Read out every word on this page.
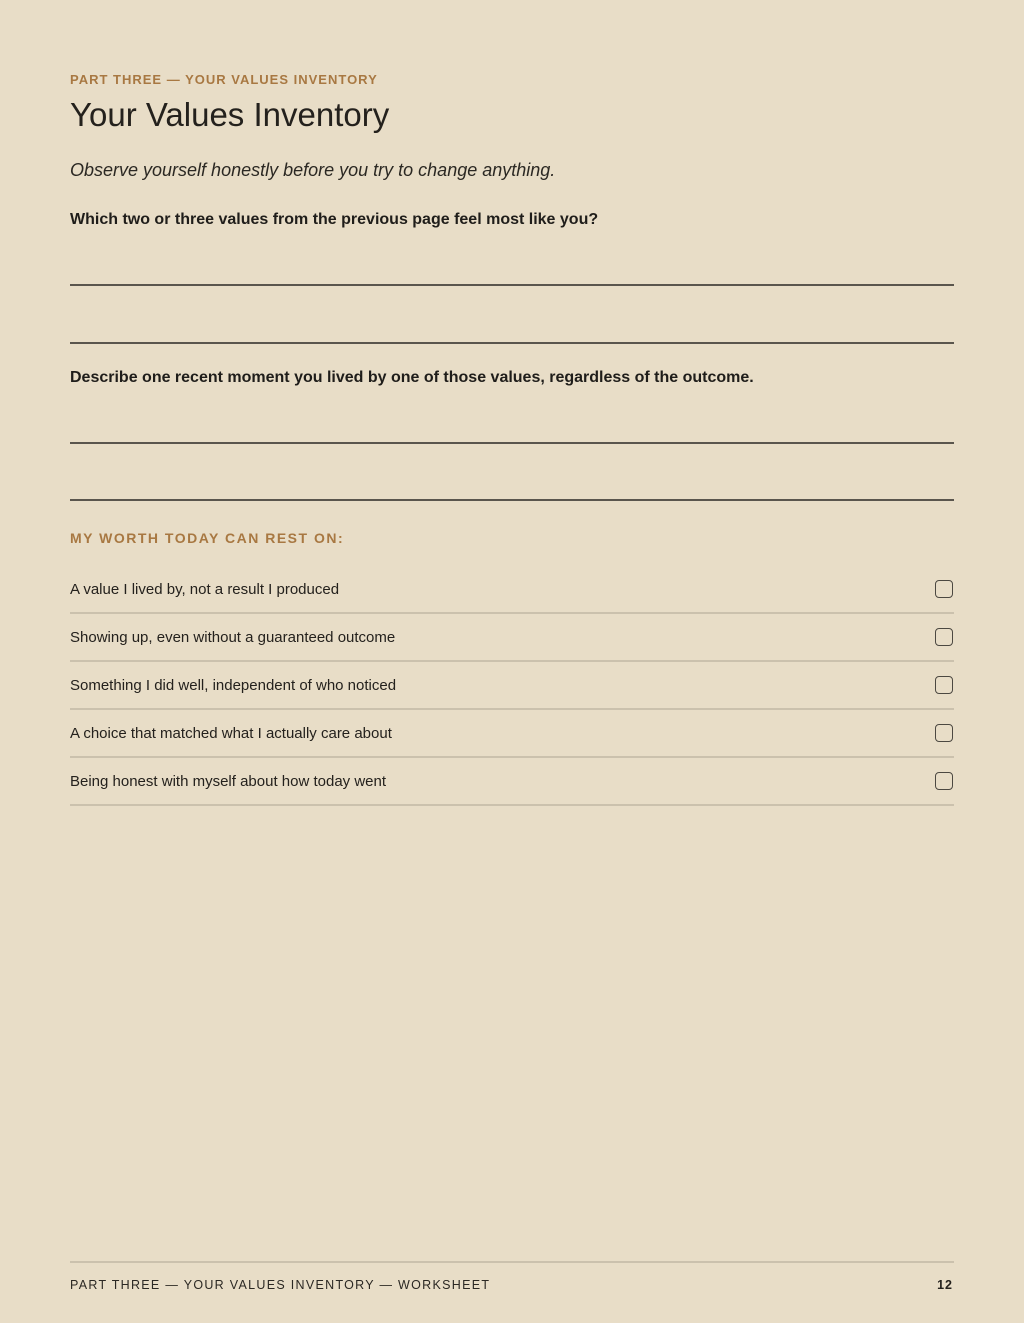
PART THREE — YOUR VALUES INVENTORY
Your Values Inventory
Observe yourself honestly before you try to change anything.
Which two or three values from the previous page feel most like you?
Describe one recent moment you lived by one of those values, regardless of the outcome.
MY WORTH TODAY CAN REST ON:
A value I lived by, not a result I produced
Showing up, even without a guaranteed outcome
Something I did well, independent of who noticed
A choice that matched what I actually care about
Being honest with myself about how today went
PART THREE — YOUR VALUES INVENTORY — WORKSHEET	12
